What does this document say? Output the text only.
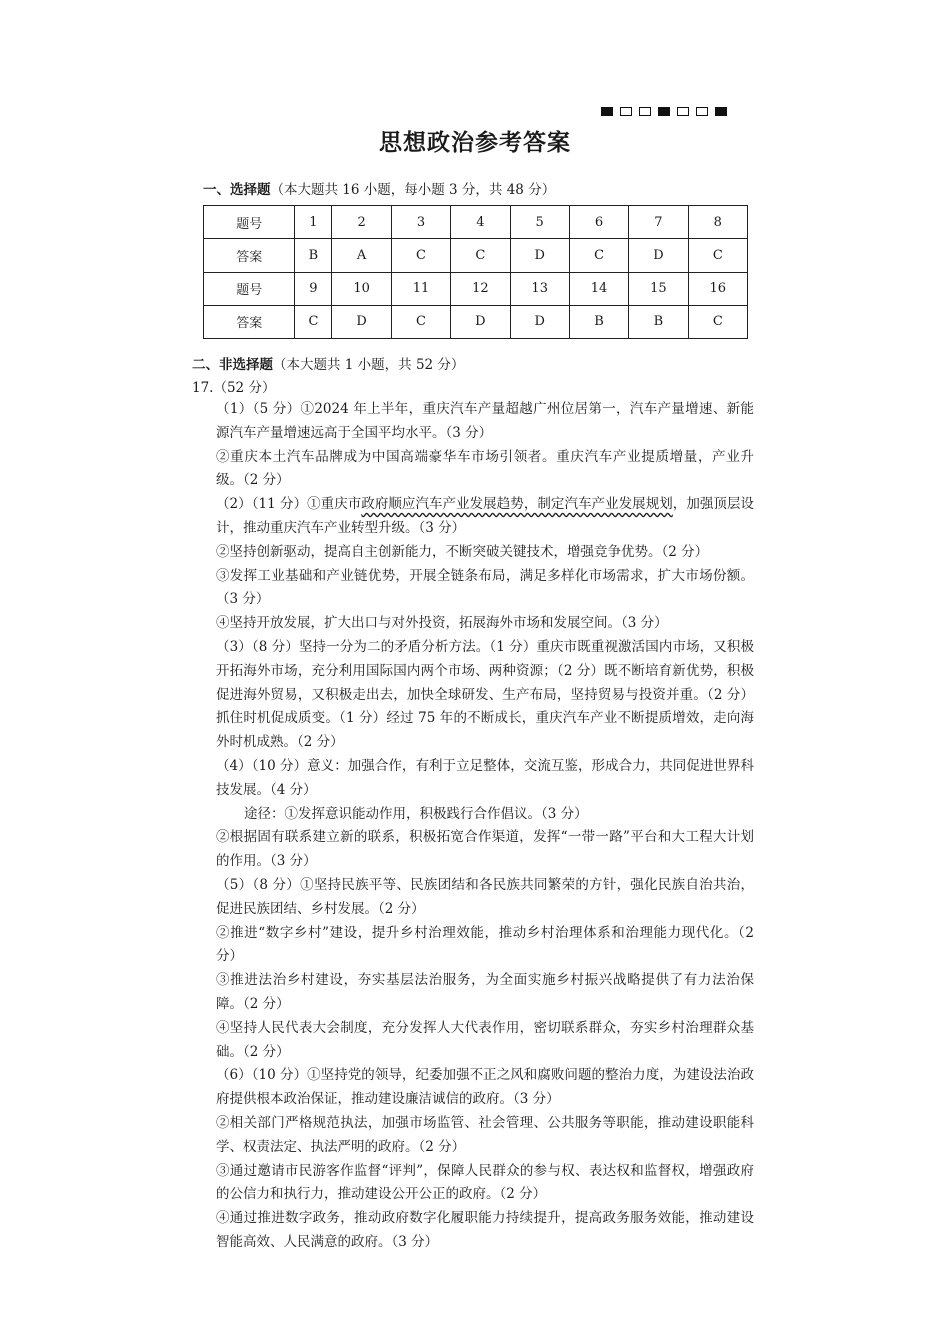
思想政治参考答案
一、选择题（本大题共 16 小题，每小题 3 分，共 48 分）
题号	1	2	3	4	5	6	7	8
答案	B	A	C	C	D	C	D	C
题号	9	10	11	12	13	14	15	16
答案	C	D	C	D	D	B	B	C
二、非选择题（本大题共 1 小题，共 52 分）
17.（52 分）

（1）（5 分）①2024 年上半年，重庆汽车产量超越广州位居第一，汽车产量增速、新能源汽车产量增速远高于全国平均水平。（3 分）

②重庆本土汽车品牌成为中国高端豪华车市场引领者。重庆汽车产业提质增量，产业升级。（2 分）

（2）（11 分）①重庆市政府顺应汽车产业发展趋势，制定汽车产业发展规划，加强顶层设计，推动重庆汽车产业转型升级。（3 分）

②坚持创新驱动，提高自主创新能力，不断突破关键技术，增强竞争优势。（2 分）

③发挥工业基础和产业链优势，开展全链条布局，满足多样化市场需求，扩大市场份额。（3 分）

④坚持开放发展，扩大出口与对外投资，拓展海外市场和发展空间。（3 分）

（3）（8 分）坚持一分为二的矛盾分析方法。（1 分）重庆市既重视激活国内市场，又积极开拓海外市场，充分利用国际国内两个市场、两种资源；（2 分）既不断培育新优势，积极促进海外贸易，又积极走出去，加快全球研发、生产布局，坚持贸易与投资并重。（2 分）抓住时机促成质变。（1 分）经过 75 年的不断成长，重庆汽车产业不断提质增效，走向海外时机成熟。（2 分）

（4）（10 分）意义：加强合作，有利于立足整体，交流互鉴，形成合力，共同促进世界科技发展。（4 分）

途径：①发挥意识能动作用，积极践行合作倡议。（3 分）

②根据固有联系建立新的联系，积极拓宽合作渠道，发挥“一带一路”平台和大工程大计划的作用。（3 分）

（5）（8 分）①坚持民族平等、民族团结和各民族共同繁荣的方针，强化民族自治共治，促进民族团结、乡村发展。（2 分）

②推进“数字乡村”建设，提升乡村治理效能，推动乡村治理体系和治理能力现代化。（2 分）

③推进法治乡村建设，夯实基层法治服务，为全面实施乡村振兴战略提供了有力法治保障。（2 分）

④坚持人民代表大会制度，充分发挥人大代表作用，密切联系群众，夯实乡村治理群众基础。（2 分）

（6）（10 分）①坚持党的领导，纪委加强不正之风和腐败问题的整治力度，为建设法治政府提供根本政治保证，推动建设廉洁诚信的政府。（3 分）

②相关部门严格规范执法，加强市场监管、社会管理、公共服务等职能，推动建设职能科学、权责法定、执法严明的政府。（2 分）

③通过邀请市民游客作监督“评判”，保障人民群众的参与权、表达权和监督权，增强政府的公信力和执行力，推动建设公开公正的政府。（2 分）

④通过推进数字政务，推动政府数字化履职能力持续提升，提高政务服务效能，推动建设智能高效、人民满意的政府。（3 分）
